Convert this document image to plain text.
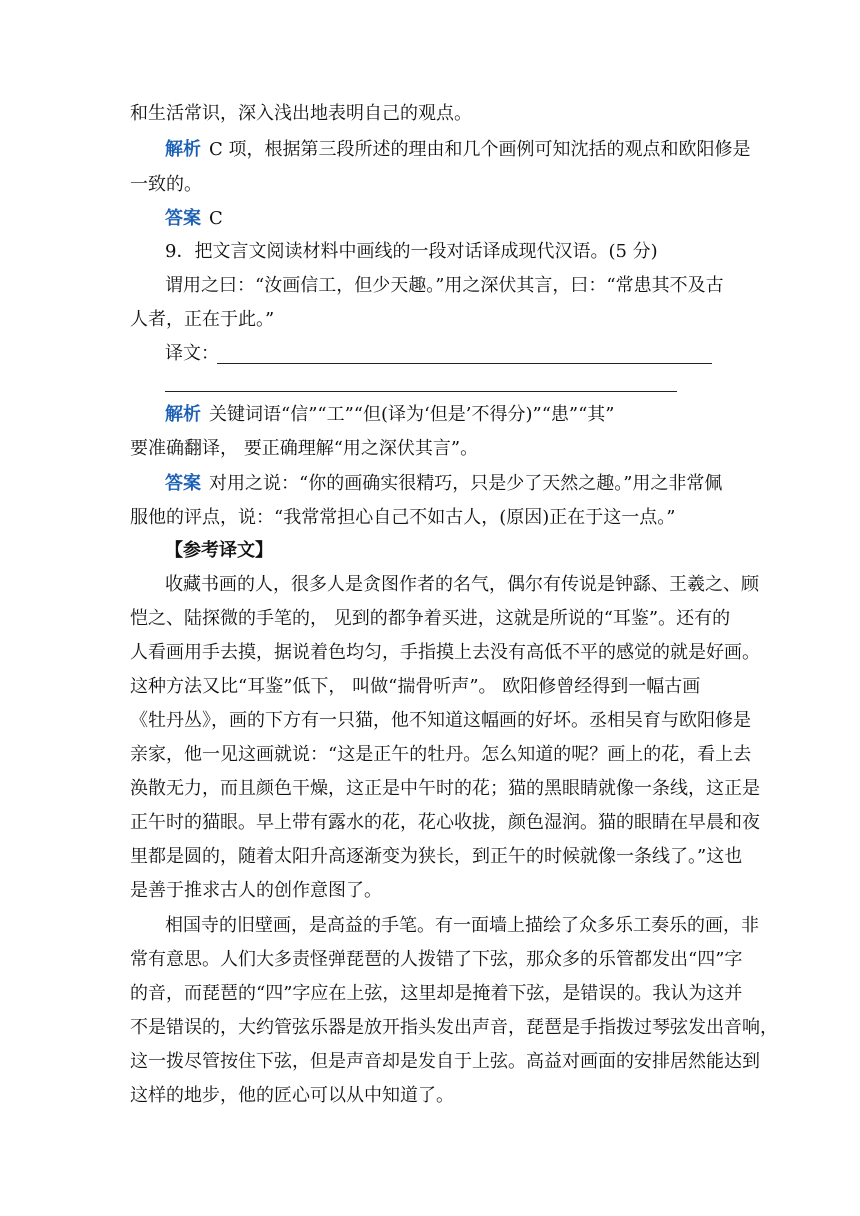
和生活常识，深入浅出地表明自己的观点。
解析 C 项，根据第三段所述的理由和几个画例可知沈括的观点和欧阳修是
一致的。
答案 C
9．把文言文阅读材料中画线的一段对话译成现代汉语。(5 分)
谓用之曰：“汝画信工，但少天趣。”用之深伏其言，曰：“常患其不及古
人者，正在于此。”
译文：
解析 关键词语“信”“工”“但(译为‘但是’不得分)”“患”“其”
要准确翻译， 要正确理解“用之深伏其言”。
答案 对用之说：“你的画确实很精巧，只是少了天然之趣。”用之非常佩
服他的评点，说：“我常常担心自己不如古人，(原因)正在于这一点。”
【参考译文】
收藏书画的人，很多人是贪图作者的名气，偶尔有传说是钟繇、王羲之、顾
恺之、陆探微的手笔的， 见到的都争着买进，这就是所说的“耳鉴”。还有的
人看画用手去摸，据说着色均匀，手指摸上去没有高低不平的感觉的就是好画。
这种方法又比“耳鉴”低下， 叫做“揣骨听声”。 欧阳修曾经得到一幅古画
《牡丹丛》，画的下方有一只猫，他不知道这幅画的好坏。丞相吴育与欧阳修是
亲家，他一见这画就说：“这是正午的牡丹。怎么知道的呢？画上的花，看上去
涣散无力，而且颜色干燥，这正是中午时的花；猫的黑眼睛就像一条线，这正是
正午时的猫眼。早上带有露水的花，花心收拢，颜色湿润。猫的眼睛在早晨和夜
里都是圆的，随着太阳升高逐渐变为狭长，到正午的时候就像一条线了。”这也
是善于推求古人的创作意图了。
相国寺的旧壁画，是高益的手笔。有一面墙上描绘了众多乐工奏乐的画，非
常有意思。人们大多责怪弹琵琶的人拨错了下弦，那众多的乐管都发出“四”字
的音，而琵琶的“四”字应在上弦，这里却是掩着下弦，是错误的。我认为这并
不是错误的，大约管弦乐器是放开指头发出声音，琵琶是手指拨过琴弦发出音响，
这一拨尽管按住下弦，但是声音却是发自于上弦。高益对画面的安排居然能达到
这样的地步，他的匠心可以从中知道了。
